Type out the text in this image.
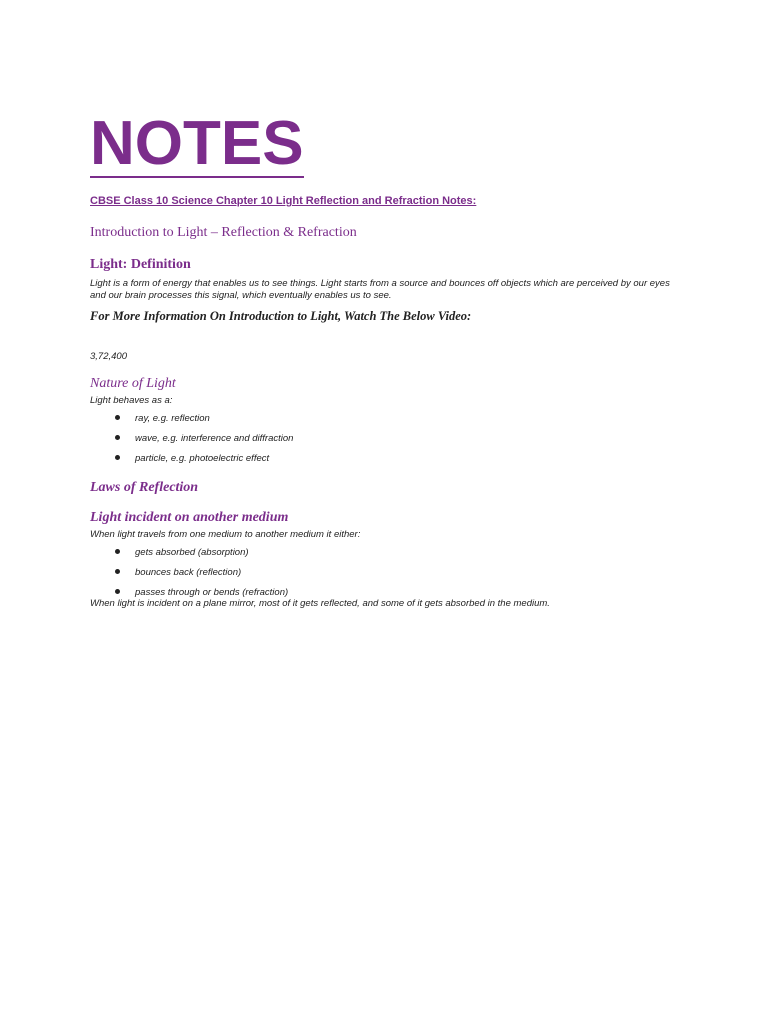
NOTES
CBSE Class 10 Science Chapter 10 Light Reflection and Refraction Notes:
Introduction to Light – Reflection & Refraction
Light: Definition
Light is a form of energy that enables us to see things. Light starts from a source and bounces off objects which are perceived by our eyes and our brain processes this signal, which eventually enables us to see.
For More Information On Introduction to Light, Watch The Below Video:
3,72,400
Nature of Light
Light behaves as a:
ray, e.g. reflection
wave, e.g. interference and diffraction
particle, e.g. photoelectric effect
Laws of Reflection
Light incident on another medium
When light travels from one medium to another medium it either:
gets absorbed (absorption)
bounces back (reflection)
passes through or bends (refraction)
When light is incident on a plane mirror, most of it gets reflected, and some of it gets absorbed in the medium.
